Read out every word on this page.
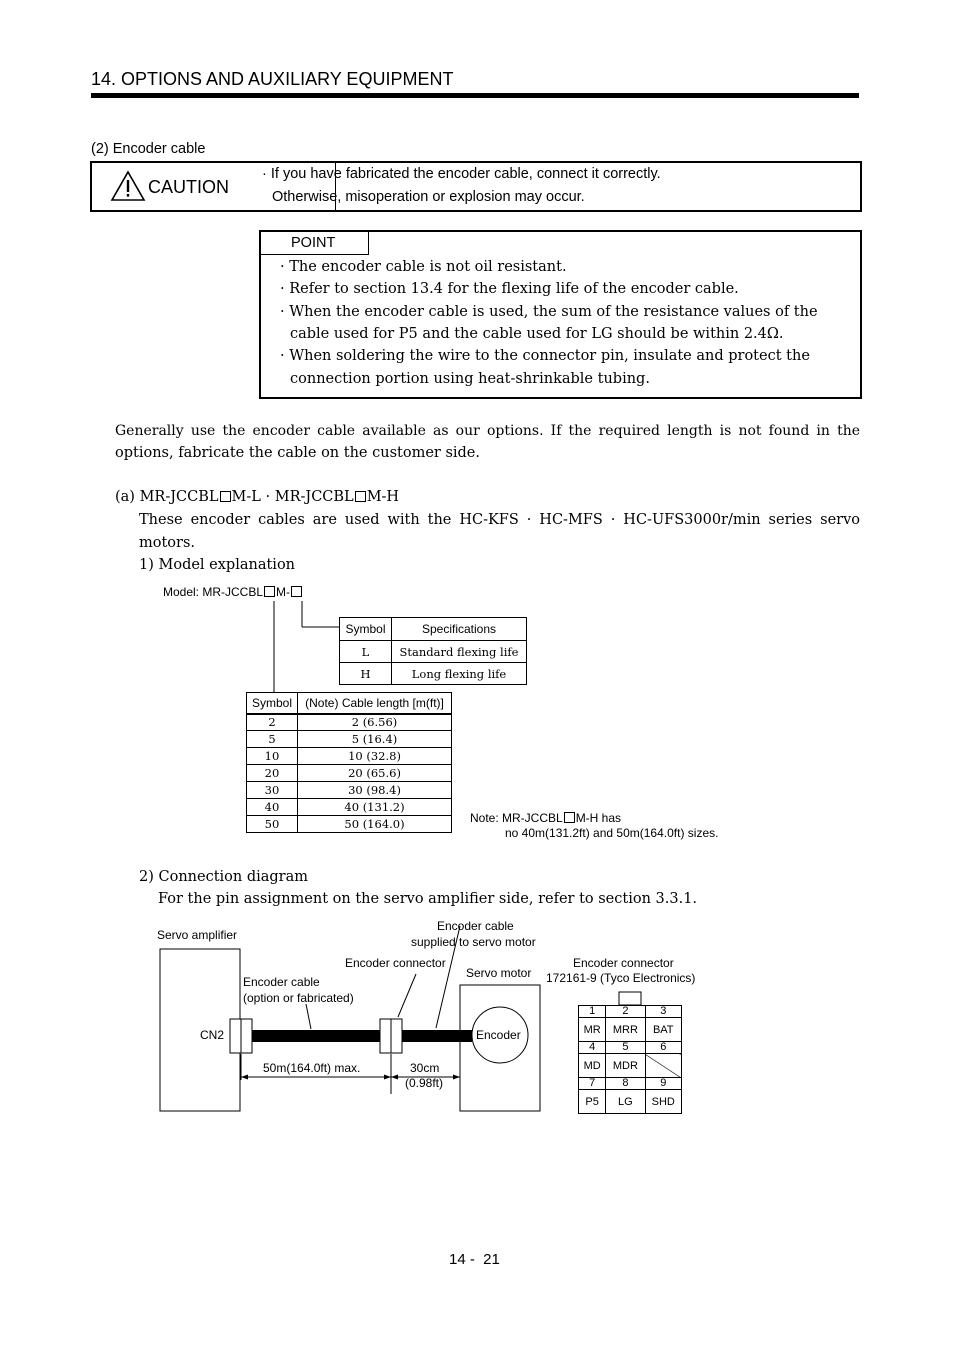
14. OPTIONS AND AUXILIARY EQUIPMENT
(2) Encoder cable
CAUTION
· If you have fabricated the encoder cable, connect it correctly.
Otherwise, misoperation or explosion may occur.
POINT
· The encoder cable is not oil resistant.
· Refer to section 13.4 for the flexing life of the encoder cable.
· When the encoder cable is used, the sum of the resistance values of the
cable used for P5 and the cable used for LG should be within 2.4Ω.
· When soldering the wire to the connector pin, insulate and protect the
connection portion using heat-shrinkable tubing.
Generally use the encoder cable available as our options. If the required length is not found in the
options, fabricate the cable on the customer side.
(a) MR-JCCBL M-L · MR-JCCBL M-H
These encoder cables are used with the HC-KFS · HC-MFS · HC-UFS3000r/min series servo
motors.
1) Model explanation
Model: MR-JCCBL M-
Symbol	Specifications
L	Standard flexing life
H	Long flexing life
Symbol	(Note) Cable length [m(ft)]
2	2 (6.56)
5	5 (16.4)
10	10 (32.8)
20	20 (65.6)
30	30 (98.4)
40	40 (131.2)
50	50 (164.0)	Note: MR-JCCBL M-H has
no 40m(131.2ft) and 50m(164.0ft) sizes.
2) Connection diagram
For the pin assignment on the servo amplifier side, refer to section 3.3.1.
Servo amplifier
Encoder cable
supplied to servo motor
Encoder connector
Servo motor
Encoder cable
(option or fabricated)
CN2	Encoder
50m(164.0ft) max.	30cm
(0.98ft)
Encoder connector
172161-9 (Tyco Electronics)
1	2	3
MR	MRR	BAT
4	5	6
MD	MDR	
7	8	9
P5	LG	SHD
14 -  21
